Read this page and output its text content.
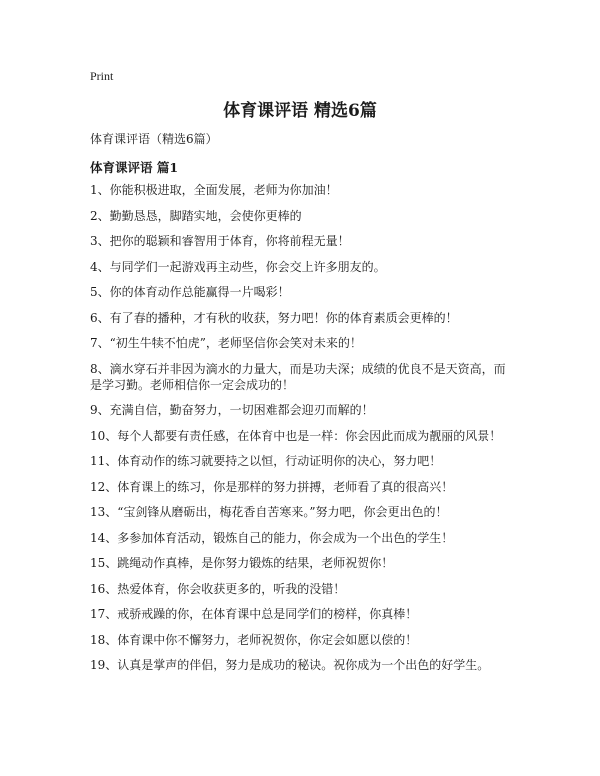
Print
体育课评语 精选6篇
体育课评语（精选6篇）
体育课评语 篇1
1、你能积极进取，全面发展，老师为你加油！
2、勤勤恳恳，脚踏实地，会使你更棒的
3、把你的聪颖和睿智用于体育，你将前程无量！
4、与同学们一起游戏再主动些，你会交上许多朋友的。
5、你的体育动作总能赢得一片喝彩！
6、有了春的播种，才有秋的收获，努力吧！你的体育素质会更棒的！
7、“初生牛犊不怕虎”，老师坚信你会笑对未来的！
8、滴水穿石并非因为滴水的力量大，而是功夫深；成绩的优良不是天资高，而是学习勤。老师相信你一定会成功的！
9、充满自信，勤奋努力，一切困难都会迎刃而解的！
10、每个人都要有责任感，在体育中也是一样：你会因此而成为靓丽的风景！
11、体育动作的练习就要持之以恒，行动证明你的决心，努力吧！
12、体育课上的练习，你是那样的努力拼搏，老师看了真的很高兴！
13、“宝剑锋从磨砺出，梅花香自苦寒来。”努力吧，你会更出色的！
14、多参加体育活动，锻炼自己的能力，你会成为一个出色的学生！
15、跳绳动作真棒，是你努力锻炼的结果，老师祝贺你！
16、热爱体育，你会收获更多的，听我的没错！
17、戒骄戒躁的你，在体育课中总是同学们的榜样，你真棒！
18、体育课中你不懈努力，老师祝贺你，你定会如愿以偿的！
19、认真是掌声的伴侣，努力是成功的秘诀。祝你成为一个出色的好学生。
